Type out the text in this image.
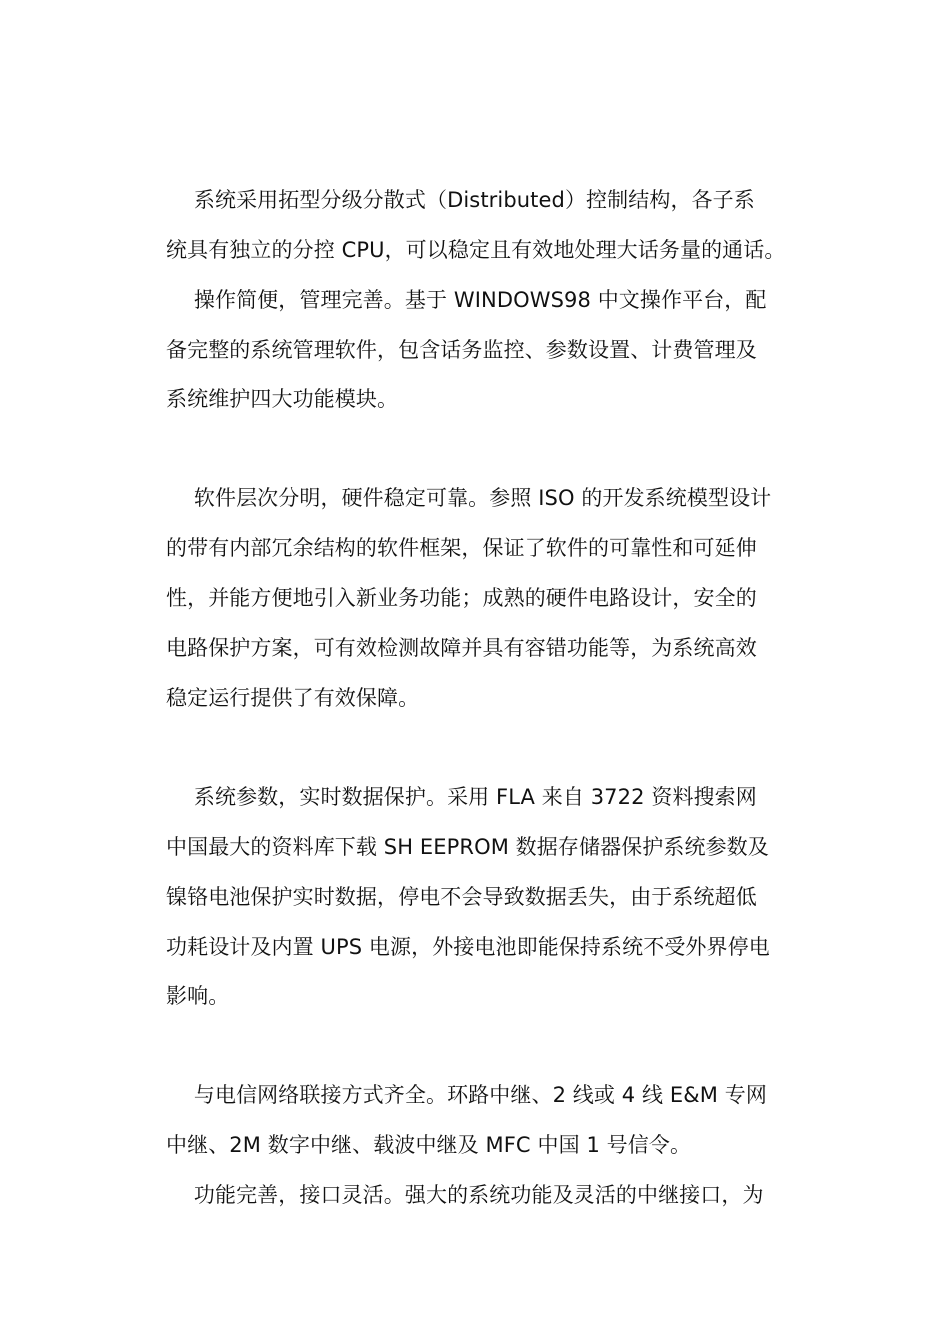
　 系统采用拓型分级分散式（Distributed）控制结构，各子系
统具有独立的分控 CPU，可以稳定且有效地处理大话务量的通话。
　 操作简便，管理完善。基于 WINDOWS98 中文操作平台，配
备完整的系统管理软件，包含话务监控、参数设置、计费管理及
系统维护四大功能模块。
　 软件层次分明，硬件稳定可靠。参照 ISO 的开发系统模型设计
的带有内部冗余结构的软件框架，保证了软件的可靠性和可延伸
性，并能方便地引入新业务功能；成熟的硬件电路设计，安全的
电路保护方案，可有效检测故障并具有容错功能等，为系统高效
稳定运行提供了有效保障。
　 系统参数，实时数据保护。采用 FLA 来自 3722 资料搜索网
中国最大的资料库下载 SH EEPROM 数据存储器保护系统参数及
镍铬电池保护实时数据，停电不会导致数据丢失，由于系统超低
功耗设计及内置 UPS 电源，外接电池即能保持系统不受外界停电
影响。
　 与电信网络联接方式齐全。环路中继、2 线或 4 线 E&M 专网
中继、2M 数字中继、载波中继及 MFC 中国 1 号信令。
　 功能完善，接口灵活。强大的系统功能及灵活的中继接口，为
